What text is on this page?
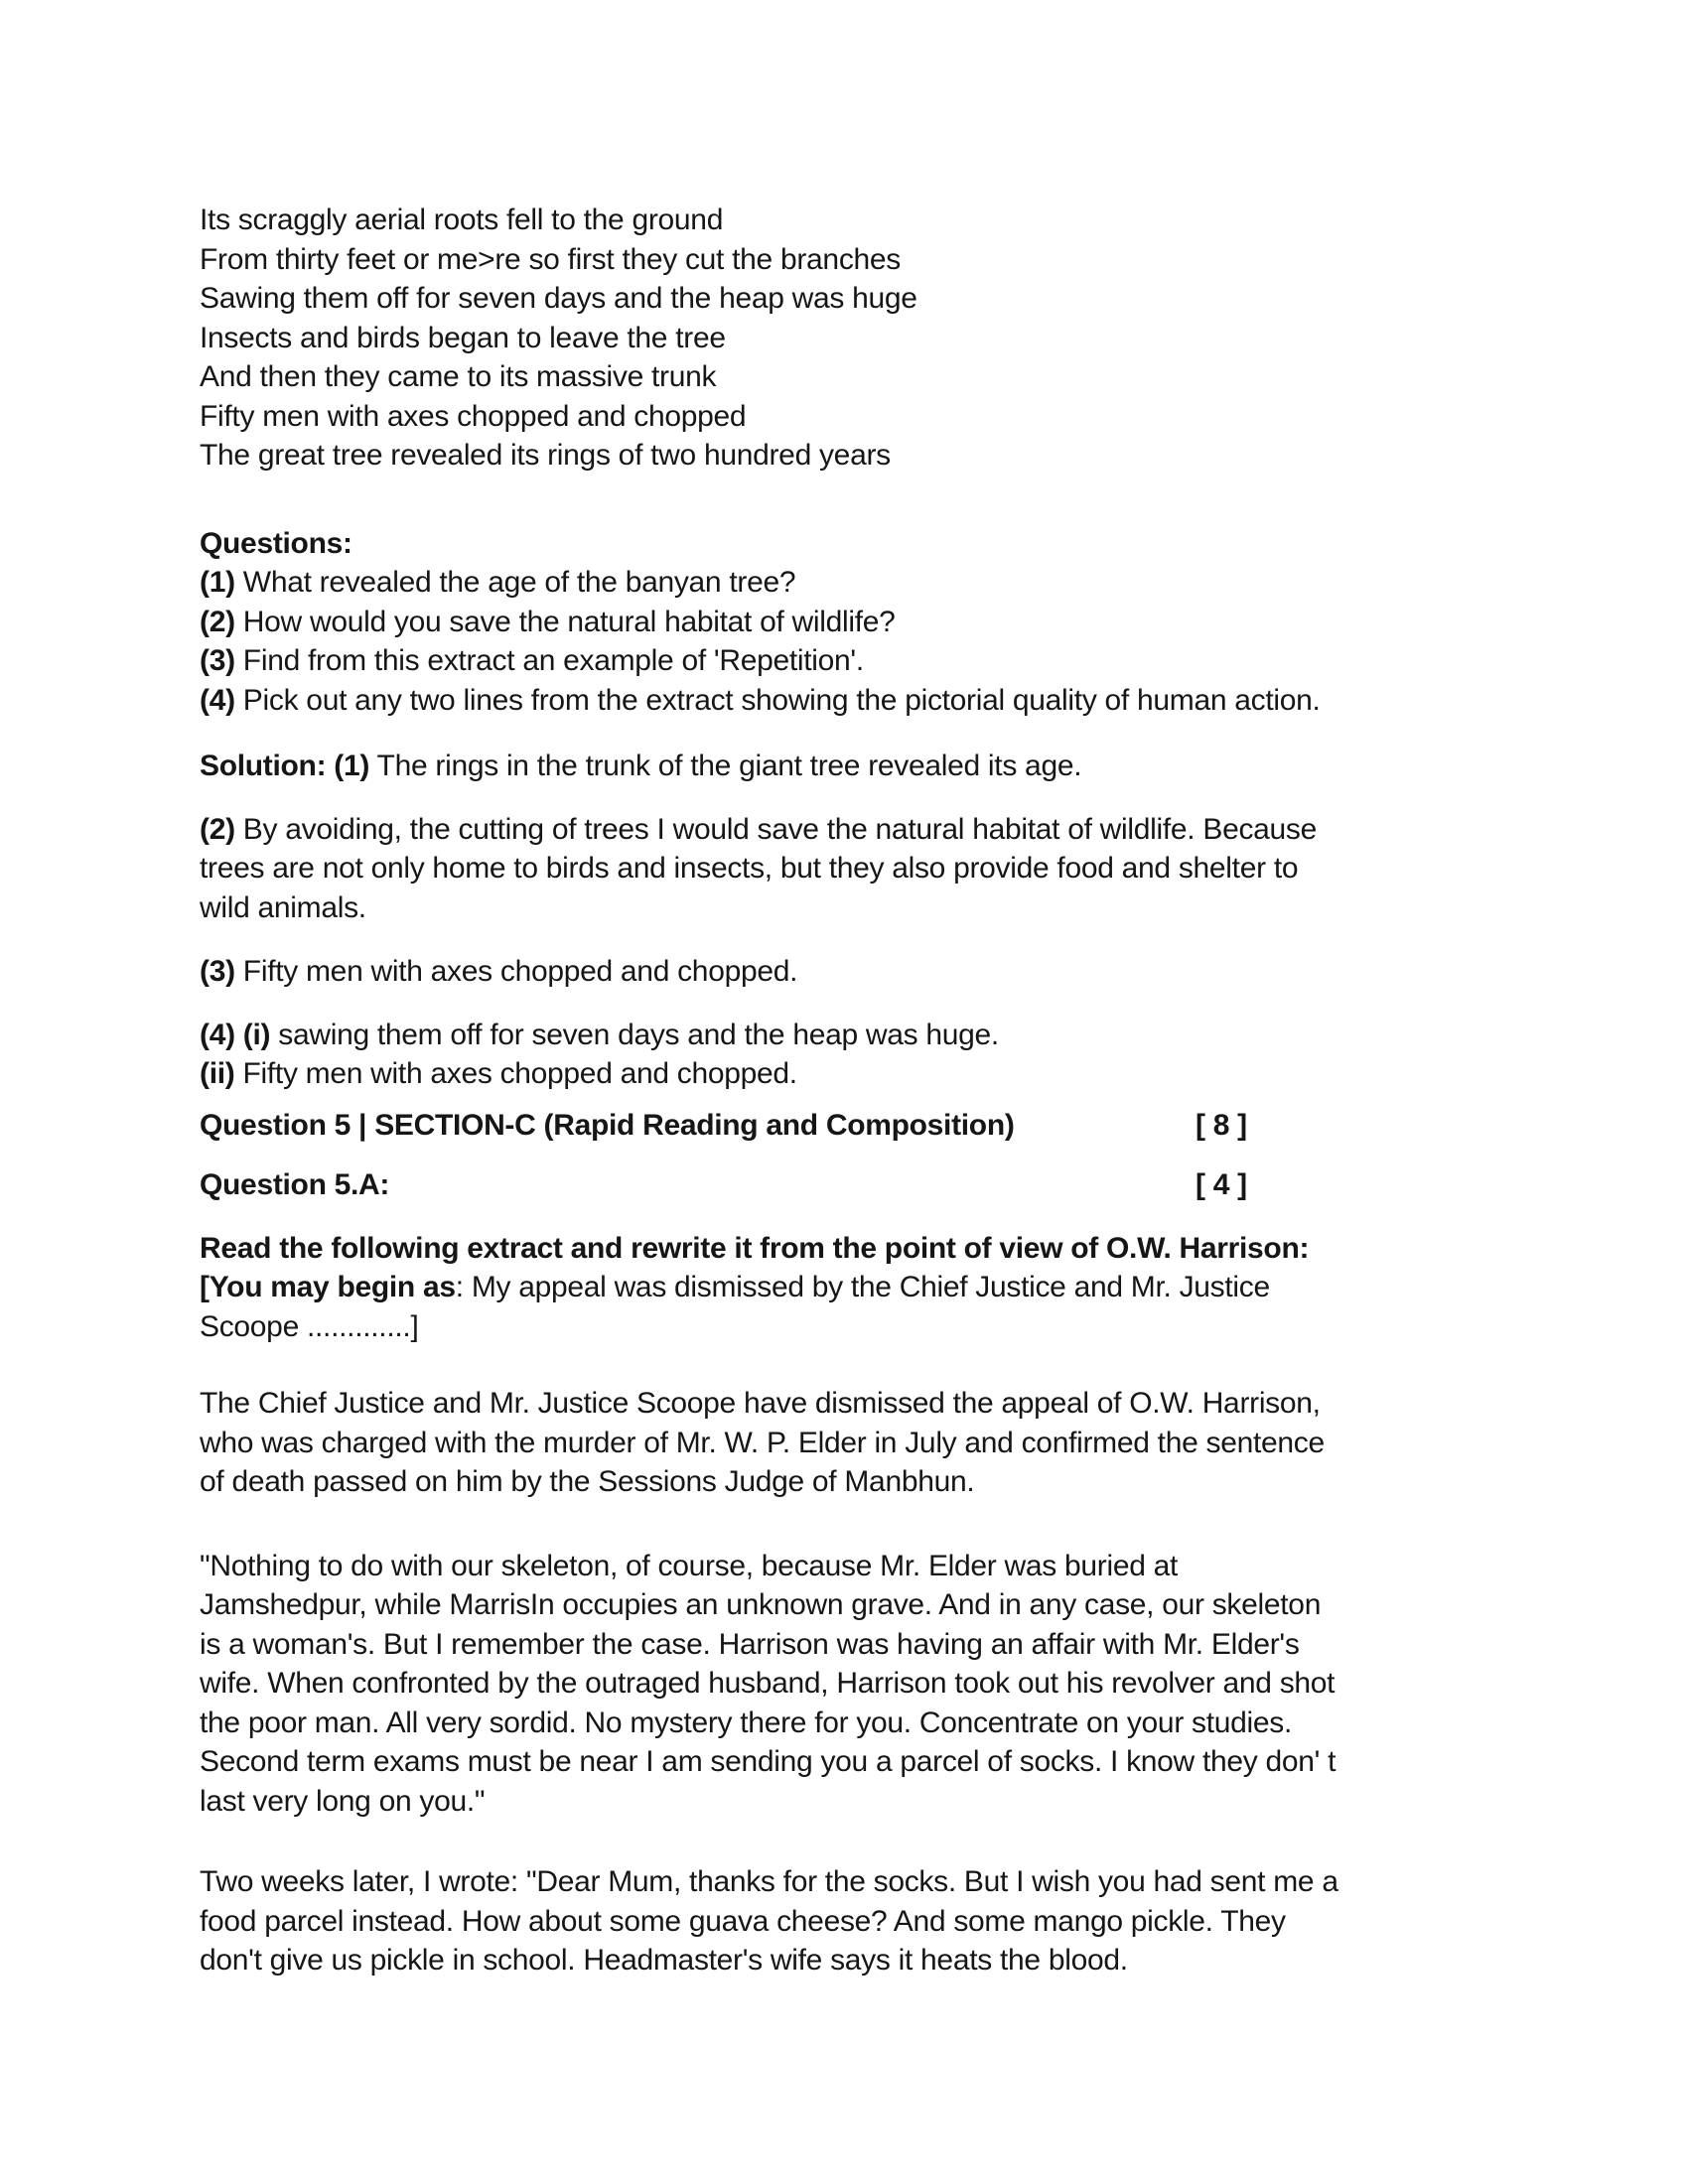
Its scraggly aerial roots fell to the ground
From thirty feet or me>re so first they cut the branches
Sawing them off for seven days and the heap was huge
Insects and birds began to leave the tree
And then they came to its massive trunk
Fifty men with axes chopped and chopped
The great tree revealed its rings of two hundred years
Questions:
(1) What revealed the age of the banyan tree?
(2) How would you save the natural habitat of wildlife?
(3) Find from this extract an example of 'Repetition'.
(4) Pick out any two lines from the extract showing the pictorial quality of human action.
Solution: (1) The rings in the trunk of the giant tree revealed its age.
(2) By avoiding, the cutting of trees I would save the natural habitat of wildlife. Because
trees are not only home to birds and insects, but they also provide food and shelter to
wild animals.
(3) Fifty men with axes chopped and chopped.
(4) (i) sawing them off for seven days and the heap was huge.
(ii) Fifty men with axes chopped and chopped.
Question 5 | SECTION-C (Rapid Reading and Composition)	[ 8 ]
Question 5.A:	[ 4 ]
Read the following extract and rewrite it from the point of view of O.W. Harrison:
[You may begin as: My appeal was dismissed by the Chief Justice and Mr. Justice
Scoope .............]
The Chief Justice and Mr. Justice Scoope have dismissed the appeal of O.W. Harrison,
who was charged with the murder of Mr. W. P. Elder in July and confirmed the sentence
of death passed on him by the Sessions Judge of Manbhun.
"Nothing to do with our skeleton, of course, because Mr. Elder was buried at
Jamshedpur, while MarrisIn occupies an unknown grave. And in any case, our skeleton
is a woman's. But I remember the case. Harrison was having an affair with Mr. Elder's
wife. When confronted by the outraged husband, Harrison took out his revolver and shot
the poor man. All very sordid. No mystery there for you. Concentrate on your studies.
Second term exams must be near I am sending you a parcel of socks. I know they don' t
last very long on you."
Two weeks later, I wrote: "Dear Mum, thanks for the socks. But I wish you had sent me a
food parcel instead. How about some guava cheese? And some mango pickle. They
don't give us pickle in school. Headmaster's wife says it heats the blood.
